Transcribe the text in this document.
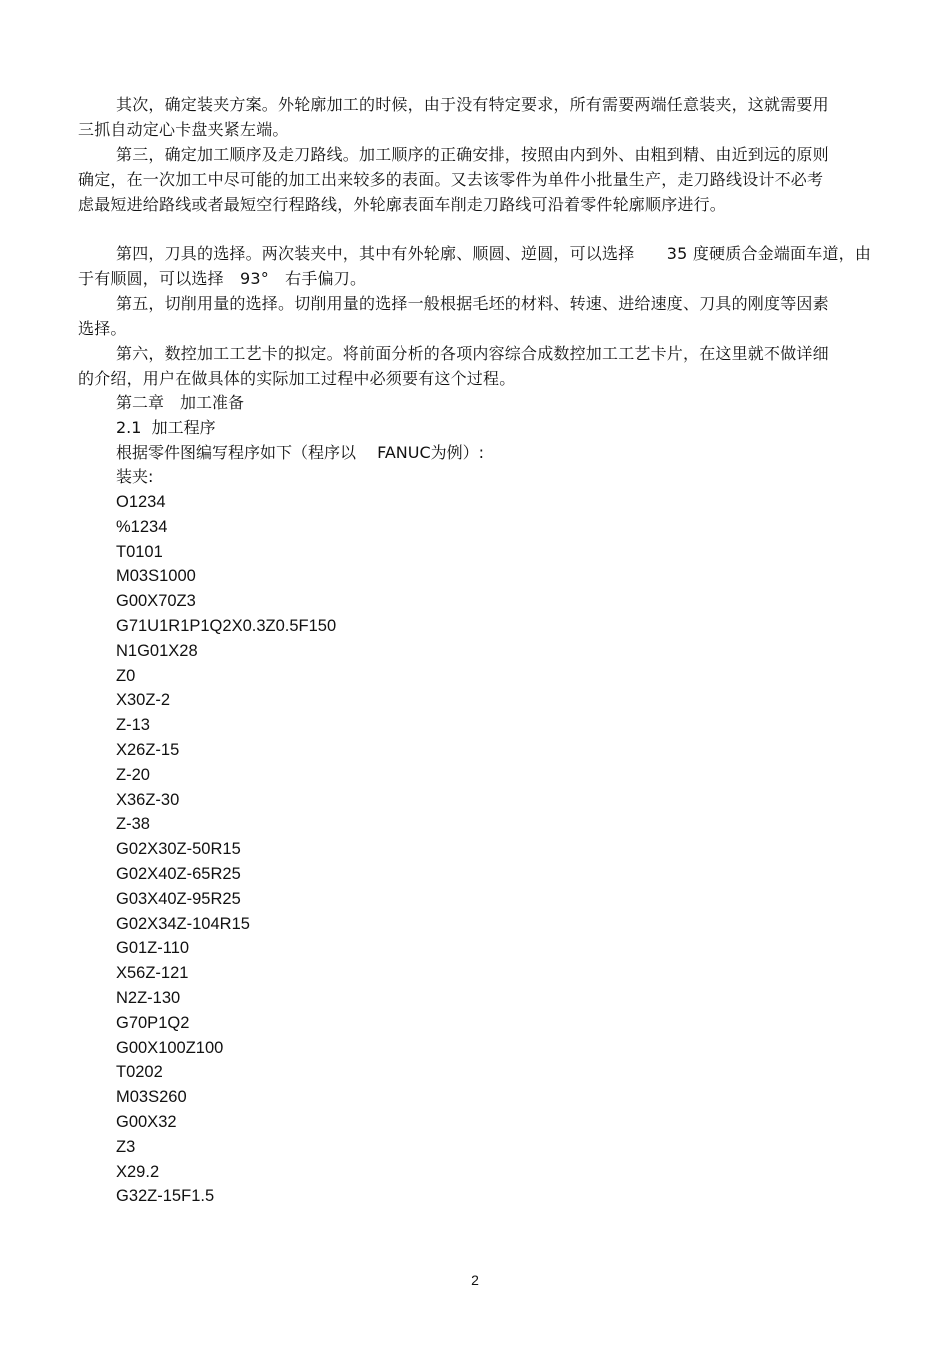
其次，确定装夹方案。外轮廓加工的时候，由于没有特定要求，所有需要两端任意装夹，这就需要用三抓自动定心卡盘夹紧左端。
第三，确定加工顺序及走刀路线。加工顺序的正确安排，按照由内到外、由粗到精、由近到远的原则确定，在一次加工中尽可能的加工出来较多的表面。又去该零件为单件小批量生产，走刀路线设计不必考虑最短进给路线或者最短空行程路线，外轮廓表面车削走刀路线可沿着零件轮廓顺序进行。
第四，刀具的选择。两次装夹中，其中有外轮廓、顺圆、逆圆，可以选择　　35 度硬质合金端面车道，由于有顺圆，可以选择　93°　右手偏刀。
第五，切削用量的选择。切削用量的选择一般根据毛坯的材料、转速、进给速度、刀具的刚度等因素选择。
第六，数控加工工艺卡的拟定。将前面分析的各项内容综合成数控加工工艺卡片，在这里就不做详细的介绍，用户在做具体的实际加工过程中必须要有这个过程。
第二章　加工准备
2.1  加工程序
根据零件图编写程序如下（程序以　 FANUC为例）:
装夹:
O1234
%1234
T0101
M03S1000
G00X70Z3
G71U1R1P1Q2X0.3Z0.5F150
N1G01X28
Z0
X30Z-2
Z-13
X26Z-15
Z-20
X36Z-30
Z-38
G02X30Z-50R15
G02X40Z-65R25
G03X40Z-95R25
G02X34Z-104R15
G01Z-110
X56Z-121
N2Z-130
G70P1Q2
G00X100Z100
T0202
M03S260
G00X32
Z3
X29.2
G32Z-15F1.5
2
